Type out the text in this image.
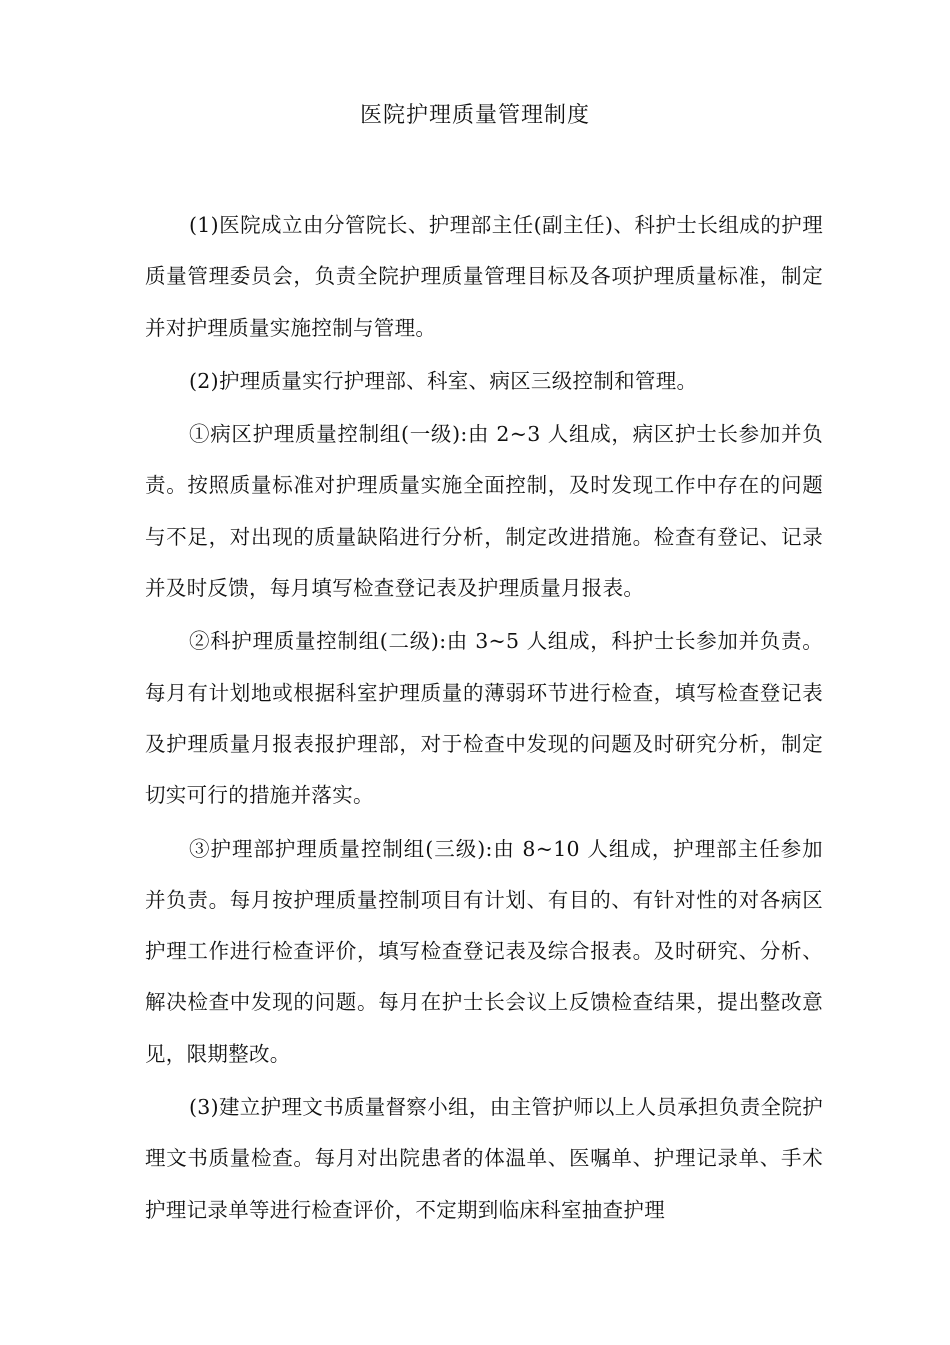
医院护理质量管理制度

(1)医院成立由分管院长、护理部主任(副主任)、科护士长组成的护理质量管理委员会，负责全院护理质量管理目标及各项护理质量标准，制定并对护理质量实施控制与管理。

(2)护理质量实行护理部、科室、病区三级控制和管理。

①病区护理质量控制组(一级):由 2~3 人组成，病区护士长参加并负责。按照质量标准对护理质量实施全面控制，及时发现工作中存在的问题与不足，对出现的质量缺陷进行分析，制定改进措施。检查有登记、记录并及时反馈，每月填写检查登记表及护理质量月报表。

②科护理质量控制组(二级):由 3~5 人组成，科护士长参加并负责。每月有计划地或根据科室护理质量的薄弱环节进行检查，填写检查登记表及护理质量月报表报护理部，对于检查中发现的问题及时研究分析，制定切实可行的措施并落实。

③护理部护理质量控制组(三级):由 8~10 人组成，护理部主任参加并负责。每月按护理质量控制项目有计划、有目的、有针对性的对各病区护理工作进行检查评价，填写检查登记表及综合报表。及时研究、分析、解决检查中发现的问题。每月在护士长会议上反馈检查结果，提出整改意见，限期整改。

(3)建立护理文书质量督察小组，由主管护师以上人员承担负责全院护理文书质量检查。每月对出院患者的体温单、医嘱单、护理记录单、手术护理记录单等进行检查评价，不定期到临床科室抽查护理
